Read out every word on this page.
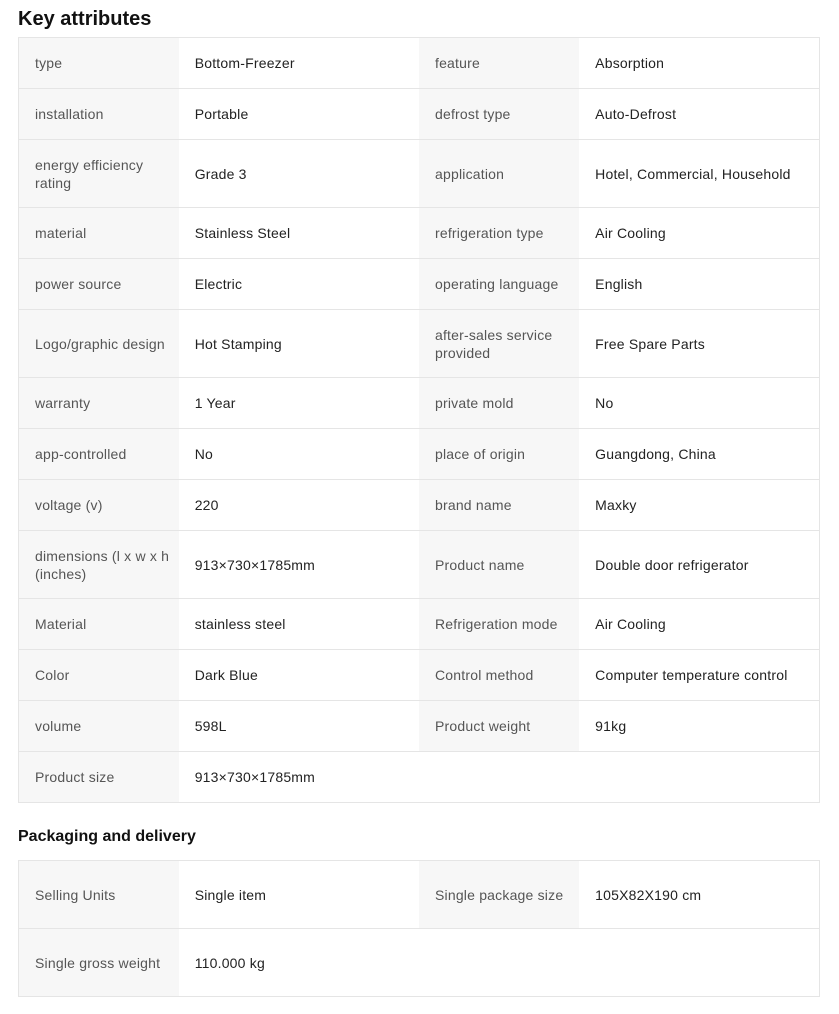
Key attributes
type	Bottom-Freezer	feature	Absorption
installation	Portable	defrost type	Auto-Defrost
energy efficiency rating	Grade 3	application	Hotel, Commercial, Household
material	Stainless Steel	refrigeration type	Air Cooling
power source	Electric	operating language	English
Logo/graphic design	Hot Stamping	after-sales service provided	Free Spare Parts
warranty	1 Year	private mold	No
app-controlled	No	place of origin	Guangdong, China
voltage (v)	220	brand name	Maxky
dimensions (l x w x h (inches)	913×730×1785mm	Product name	Double door refrigerator
Material	stainless steel	Refrigeration mode	Air Cooling
Color	Dark Blue	Control method	Computer temperature control
volume	598L	Product weight	91kg
Product size	913×730×1785mm		
Packaging and delivery
Selling Units	Single item	Single package size	105X82X190 cm
Single gross weight	110.000 kg		
